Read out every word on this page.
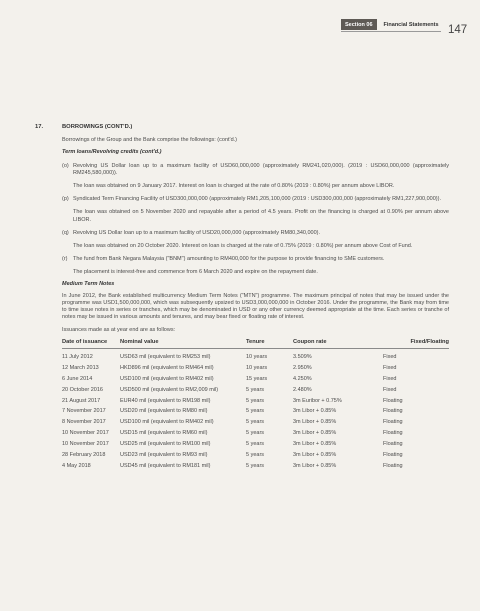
Section 06	Financial Statements 147
17.	BORROWINGS (CONT'D.)

Borrowings of the Group and the Bank comprise the followings: (cont'd.)

Term loans/Revolving credits (cont'd.)

(o) Revolving US Dollar loan up to a maximum facility of USD60,000,000 (approximately RM241,020,000). (2019 : USD60,000,000 (approximately RM245,580,000)).

The loan was obtained on 9 January 2017. Interest on loan is charged at the rate of 0.80% (2019 : 0.80%) per annum above LIBOR.

(p) Syndicated Term Financing Facility of USD300,000,000 (approximately RM1,205,100,000 (2019 : USD300,000,000 (approximately RM1,227,900,000)).

The loan was obtained on 5 November 2020 and repayable after a period of 4.5 years. Profit on the financing is charged at 0.90% per annum above LIBOR.

(q) Revolving US Dollar loan up to a maximum facility of USD20,000,000 (approximately RM80,340,000).

The loan was obtained on 20 October 2020. Interest on loan is charged at the rate of 0.75% (2019 : 0.80%) per annum above Cost of Fund.

(r)	The fund from Bank Negara Malaysia ("BNM") amounting to RM400,000 for the purpose to provide financing to SME customers.

The placement is interest-free and commence from 6 March 2020 and expire on the repayment date.

Medium Term Notes

In June 2012, the Bank established multicurrency Medium Term Notes ("MTN") programme. The maximum principal of notes that may be issued under the programme was USD1,500,000,000, which was subsequently upsized to USD3,000,000,000 in October 2016. Under the programme, the Bank may from time to time issue notes in series or tranches, which may be denominated in USD or any other currency deemed appropriate at the time. Each series or tranche of notes may be issued in various amounts and tenures, and may bear fixed or floating rate of interest.

Issuances made as at year end are as follows:

Date of issuance	Nominal value	Tenure	Coupon rate	Fixed/Floating
11 July 2012	USD63 mil (equivalent to RM253 mil)	10 years	3.509%	Fixed
12 March 2013	HKD896 mil (equivalent to RM464 mil)	10 years	2.950%	Fixed
6 June 2014	USD100 mil (equivalent to RM402 mil)	15 years	4.250%	Fixed
20 October 2016	USD500 mil (equivalent to RM2,009 mil)	5 years	2.480%	Fixed
21 August 2017	EUR40 mil (equivalent to RM198 mil)	5 years	3m Euribor + 0.75%	Floating
7 November 2017	USD20 mil (equivalent to RM80 mil)	5 years	3m Libor + 0.85%	Floating
8 November 2017	USD100 mil (equivalent to RM402 mil)	5 years	3m Libor + 0.85%	Floating
10 November 2017	USD15 mil (equivalent to RM60 mil)	5 years	3m Libor + 0.85%	Floating
10 November 2017	USD25 mil (equivalent to RM100 mil)	5 years	3m Libor + 0.85%	Floating
28 February 2018	USD23 mil (equivalent to RM93 mil)	5 years	3m Libor + 0.85%	Floating
4 May 2018	USD45 mil (equivalent to RM181 mil)	5 years	3m Libor + 0.85%	Floating
